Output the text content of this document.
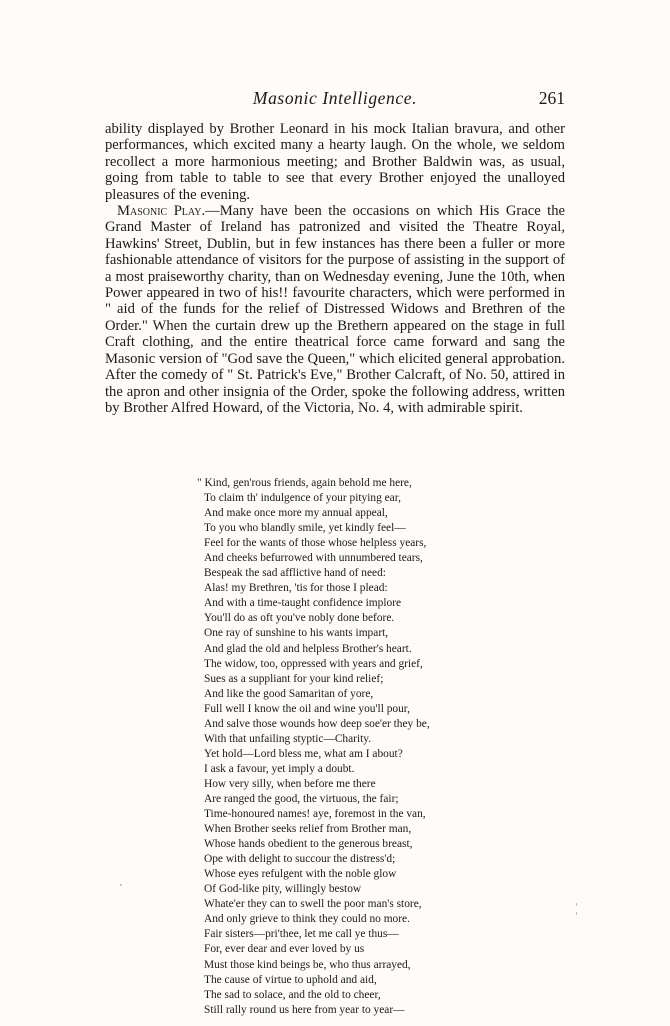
Masonic Intelligence.	261

ability displayed by Brother Leonard in his mock Italian bravura, and other performances, which excited many a hearty laugh. On the whole, we seldom recollect a more harmonious meeting; and Brother Baldwin was, as usual, going from table to table to see that every Brother enjoyed the unalloyed pleasures of the evening.

Masonic Play.—Many have been the occasions on which His Grace the Grand Master of Ireland has patronized and visited the Theatre Royal, Hawkins' Street, Dublin, but in few instances has there been a fuller or more fashionable attendance of visitors for the purpose of assisting in the support of a most praiseworthy charity, than on Wednesday evening, June the 10th, when Power appeared in two of his!! favourite characters, which were performed in " aid of the funds for the relief of Distressed Widows and Brethren of the Order." When the curtain drew up the Brethern appeared on the stage in full Craft clothing, and the entire theatrical force came forward and sang the Masonic version of "God save the Queen," which elicited general approbation. After the comedy of " St. Patrick's Eve," Brother Calcraft, of No. 50, attired in the apron and other insignia of the Order, spoke the following address, written by Brother Alfred Howard, of the Victoria, No. 4, with admirable spirit.

" Kind, gen'rous friends, again behold me here,
To claim th' indulgence of your pitying ear,
And make once more my annual appeal,
To you who blandly smile, yet kindly feel—
Feel for the wants of those whose helpless years,
And cheeks befurrowed with unnumbered tears,
Bespeak the sad afflictive hand of need:
Alas! my Brethren, 'tis for those I plead:
And with a time-taught confidence implore
You'll do as oft you've nobly done before.
One ray of sunshine to his wants impart,
And glad the old and helpless Brother's heart.
The widow, too, oppressed with years and grief,
Sues as a suppliant for your kind relief;
And like the good Samaritan of yore,
Full well I know the oil and wine you'll pour,
And salve those wounds how deep soe'er they be,
With that unfailing styptic—Charity.
Yet hold—Lord bless me, what am I about?
I ask a favour, yet imply a doubt.
How very silly, when before me there
Are ranged the good, the virtuous, the fair;
Time-honoured names! aye, foremost in the van,
When Brother seeks relief from Brother man,
Whose hands obedient to the generous breast,
Ope with delight to succour the distress'd;
Whose eyes refulgent with the noble glow
Of God-like pity, willingly bestow
Whate'er they can to swell the poor man's store,
And only grieve to think they could no more.
Fair sisters—pri'thee, let me call ye thus—
For, ever dear and ever loved by us
Must those kind beings be, who thus arrayed,
The cause of virtue to uphold and aid,
The sad to solace, and the old to cheer,
Still rally round us here from year to year—
